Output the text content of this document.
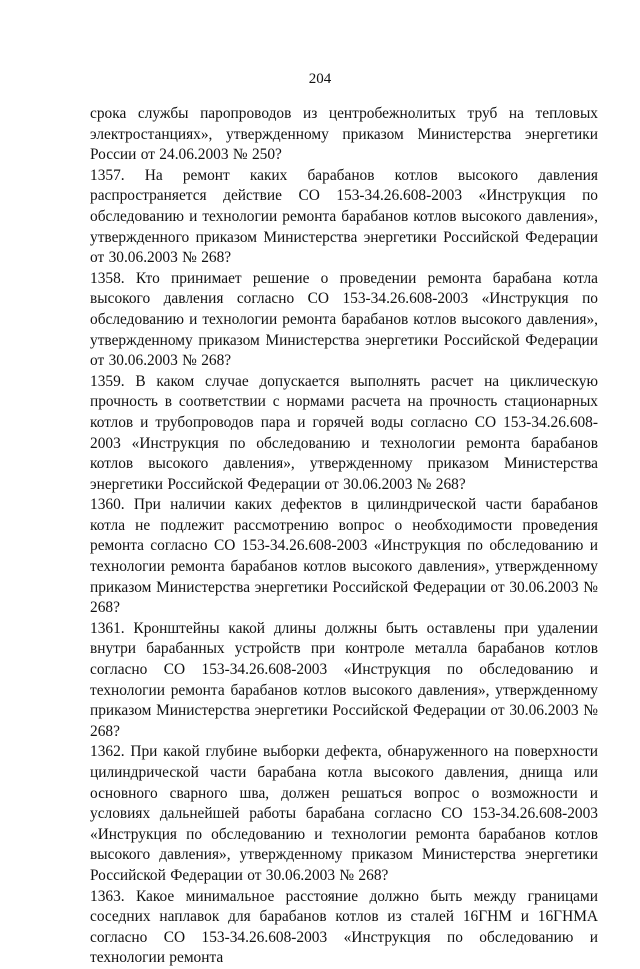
204

срока службы паропроводов из центробежнолитых труб на тепловых электростанциях», утвержденному приказом Министерства энергетики России от 24.06.2003 № 250?

1357. На ремонт каких барабанов котлов высокого давления распространяется действие СО 153-34.26.608-2003 «Инструкция по обследованию и технологии ремонта барабанов котлов высокого давления», утвержденного приказом Министерства энергетики Российской Федерации от 30.06.2003 № 268?

1358. Кто принимает решение о проведении ремонта барабана котла высокого давления согласно СО 153-34.26.608-2003 «Инструкция по обследованию и технологии ремонта барабанов котлов высокого давления», утвержденному приказом Министерства энергетики Российской Федерации от 30.06.2003 № 268?

1359. В каком случае допускается выполнять расчет на циклическую прочность в соответствии с нормами расчета на прочность стационарных котлов и трубопроводов пара и горячей воды согласно СО 153-34.26.608-2003 «Инструкция по обследованию и технологии ремонта барабанов котлов высокого давления», утвержденному приказом Министерства энергетики Российской Федерации от 30.06.2003 № 268?

1360. При наличии каких дефектов в цилиндрической части барабанов котла не подлежит рассмотрению вопрос о необходимости проведения ремонта согласно СО 153-34.26.608-2003 «Инструкция по обследованию и технологии ремонта барабанов котлов высокого давления», утвержденному приказом Министерства энергетики Российской Федерации от 30.06.2003 № 268?

1361. Кронштейны какой длины должны быть оставлены при удалении внутри барабанных устройств при контроле металла барабанов котлов согласно СО 153-34.26.608-2003 «Инструкция по обследованию и технологии ремонта барабанов котлов высокого давления», утвержденному приказом Министерства энергетики Российской Федерации от 30.06.2003 № 268?

1362. При какой глубине выборки дефекта, обнаруженного на поверхности цилиндрической части барабана котла высокого давления, днища или основного сварного шва, должен решаться вопрос о возможности и условиях дальнейшей работы барабана согласно СО 153-34.26.608-2003 «Инструкция по обследованию и технологии ремонта барабанов котлов высокого давления», утвержденному приказом Министерства энергетики Российской Федерации от 30.06.2003 № 268?

1363. Какое минимальное расстояние должно быть между границами соседних наплавок для барабанов котлов из сталей 16ГНМ и 16ГНМА согласно СО 153-34.26.608-2003 «Инструкция по обследованию и технологии ремонта
